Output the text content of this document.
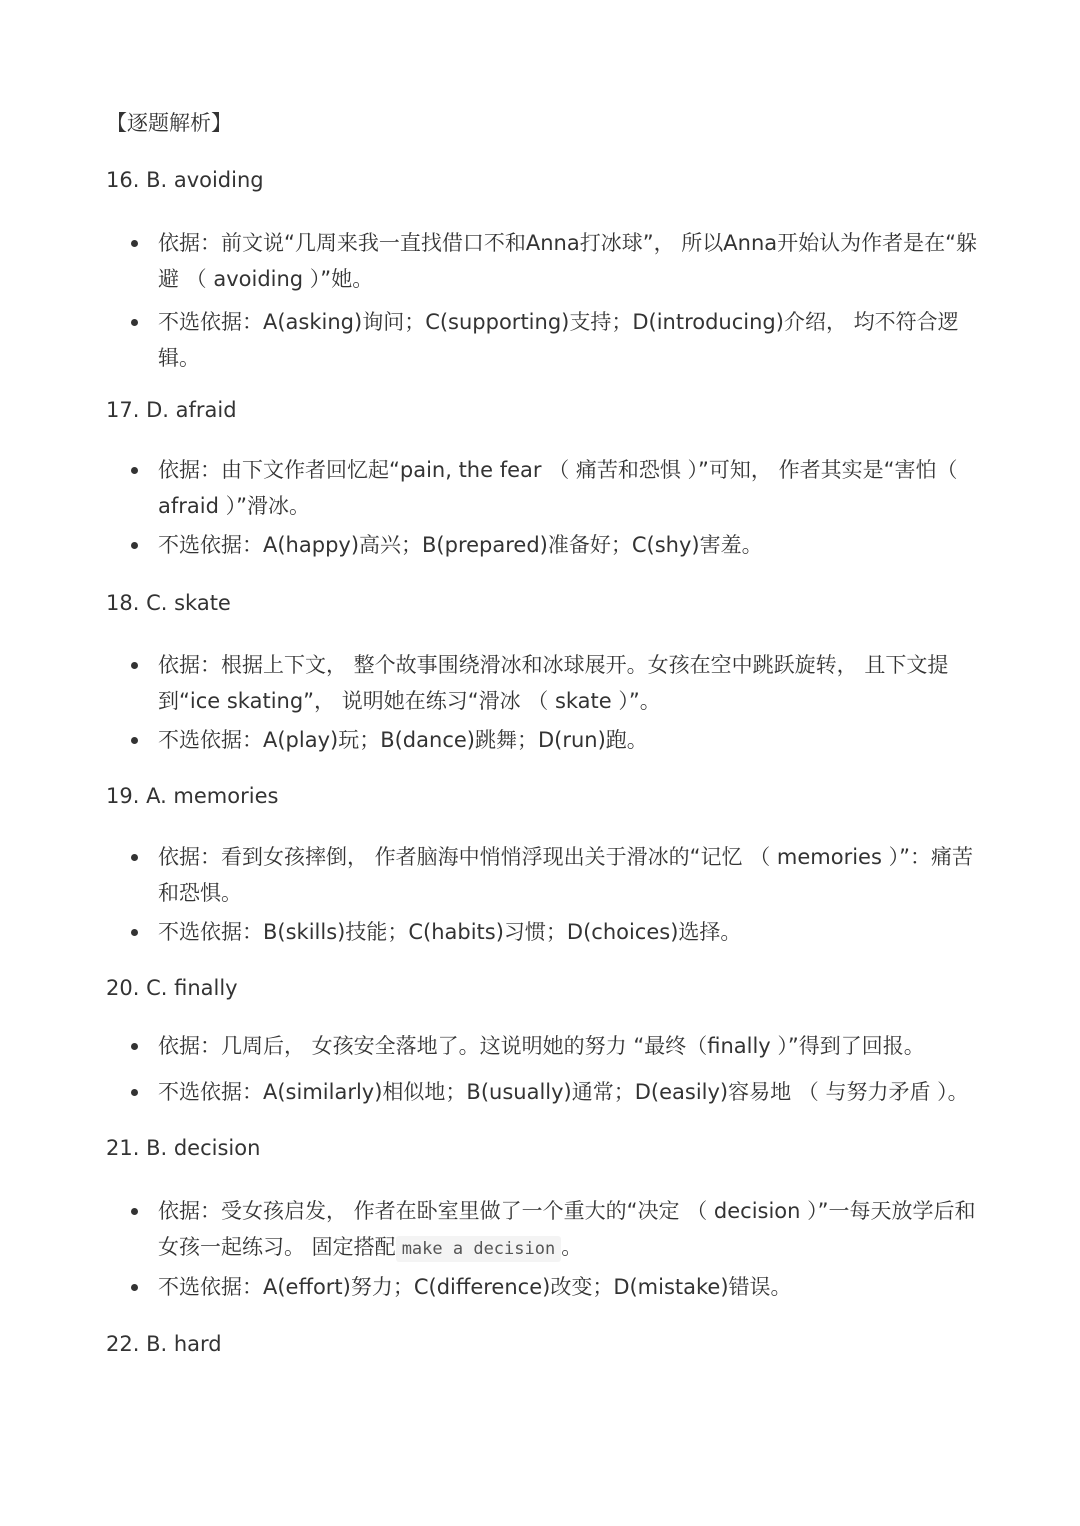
【逐题解析】
16. B. avoiding
依据：前文说“几周来我一直找借口不和Anna打冰球”， 所以Anna开始认为作者是在“躲避 （ avoiding ）”她。
不选依据：A(asking)询问；C(supporting)支持；D(introducing)介绍， 均不符合逻辑。
17. D. afraid
依据：由下文作者回忆起“pain, the fear （ 痛苦和恐惧 ）”可知， 作者其实是“害怕（ afraid ）”滑冰。
不选依据：A(happy)高兴；B(prepared)准备好；C(shy)害羞。
18. C. skate
依据：根据上下文， 整个故事围绕滑冰和冰球展开。女孩在空中跳跃旋转， 且下文提到“ice skating”， 说明她在练习“滑冰 （ skate ）”。
不选依据：A(play)玩；B(dance)跳舞；D(run)跑。
19. A. memories
依据：看到女孩摔倒， 作者脑海中悄悄浮现出关于滑冰的“记忆 （ memories ）”：痛苦和恐惧。
不选依据：B(skills)技能；C(habits)习惯；D(choices)选择。
20. C. finally
依据：几周后， 女孩安全落地了。这说明她的努力 “最终（finally ）”得到了回报。
不选依据：A(similarly)相似地；B(usually)通常；D(easily)容易地 （ 与努力矛盾 ）。
21. B. decision
依据：受女孩启发， 作者在卧室里做了一个重大的“决定 （ decision ）”一每天放学后和女孩一起练习。 固定搭配 make a decision 。
不选依据：A(effort)努力；C(difference)改变；D(mistake)错误。
22. B. hard
